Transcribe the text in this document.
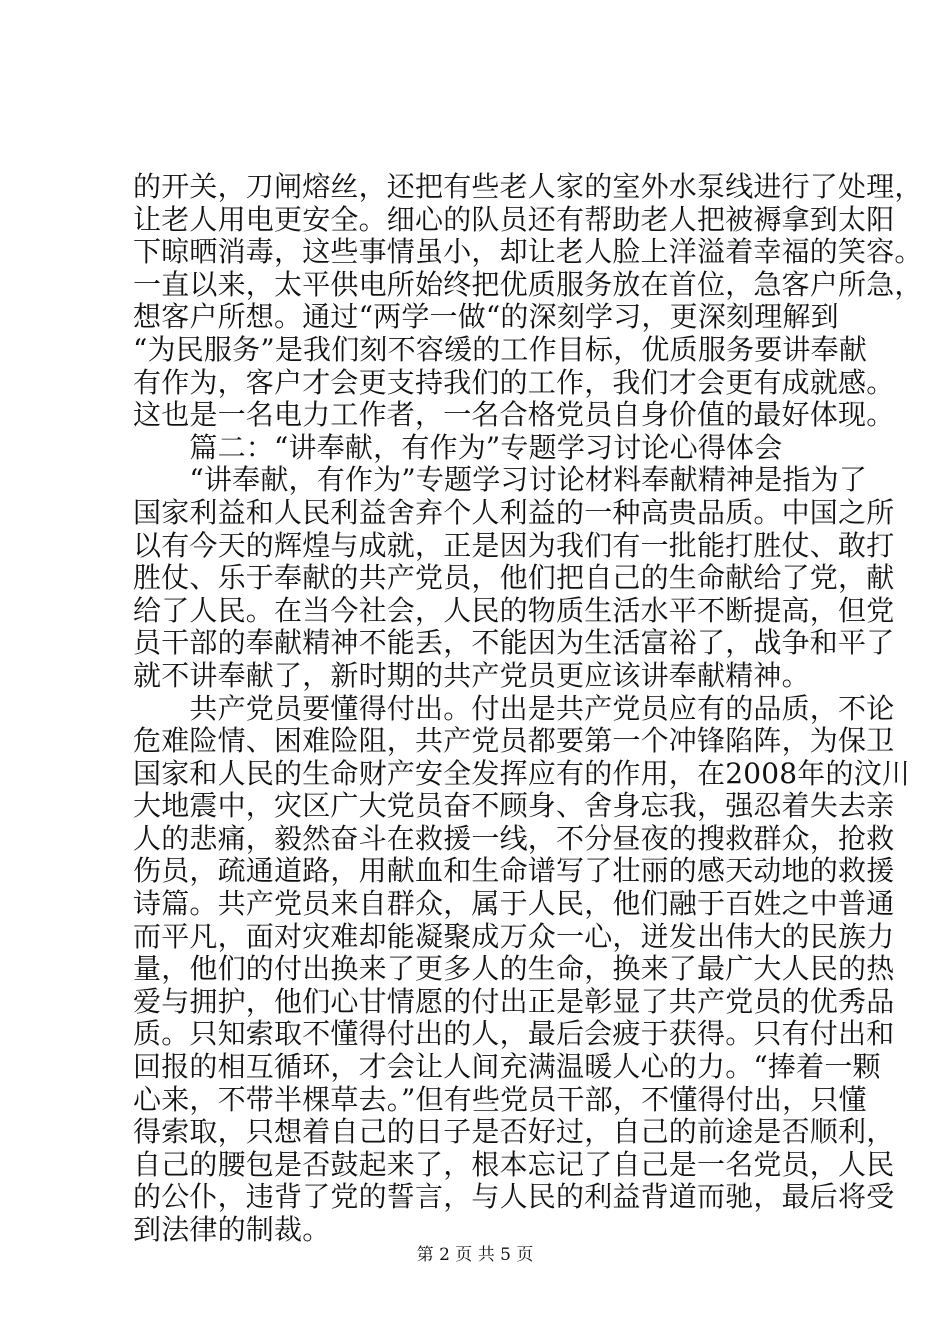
的开关，刀闸熔丝，还把有些老人家的室外水泵线进行了处理，
让老人用电更安全。细心的队员还有帮助老人把被褥拿到太阳
下晾晒消毒，这些事情虽小，却让老人脸上洋溢着幸福的笑容。
一直以来，太平供电所始终把优质服务放在首位，急客户所急，
想客户所想。通过“两学一做“的深刻学习，更深刻理解到
“为民服务”是我们刻不容缓的工作目标，优质服务要讲奉献
有作为，客户才会更支持我们的工作，我们才会更有成就感。
这也是一名电力工作者，一名合格党员自身价值的最好体现。
　　篇二：“讲奉献，有作为”专题学习讨论心得体会
　　“讲奉献，有作为”专题学习讨论材料奉献精神是指为了
国家利益和人民利益舍弃个人利益的一种高贵品质。中国之所
以有今天的辉煌与成就，正是因为我们有一批能打胜仗、敢打
胜仗、乐于奉献的共产党员，他们把自己的生命献给了党，献
给了人民。在当今社会，人民的物质生活水平不断提高，但党
员干部的奉献精神不能丢，不能因为生活富裕了，战争和平了
就不讲奉献了，新时期的共产党员更应该讲奉献精神。
　　共产党员要懂得付出。付出是共产党员应有的品质，不论
危难险情、困难险阻，共产党员都要第一个冲锋陷阵，为保卫
国家和人民的生命财产安全发挥应有的作用，在2008年的汶川
大地震中，灾区广大党员奋不顾身、舍身忘我，强忍着失去亲
人的悲痛，毅然奋斗在救援一线，不分昼夜的搜救群众，抢救
伤员，疏通道路，用献血和生命谱写了壮丽的感天动地的救援
诗篇。共产党员来自群众，属于人民，他们融于百姓之中普通
而平凡，面对灾难却能凝聚成万众一心，迸发出伟大的民族力
量，他们的付出换来了更多人的生命，换来了最广大人民的热
爱与拥护，他们心甘情愿的付出正是彰显了共产党员的优秀品
质。只知索取不懂得付出的人，最后会疲于获得。只有付出和
回报的相互循环，才会让人间充满温暖人心的力。“捧着一颗
心来，不带半棵草去。”但有些党员干部，不懂得付出，只懂
得索取，只想着自己的日子是否好过，自己的前途是否顺利，
自己的腰包是否鼓起来了，根本忘记了自己是一名党员，人民
的公仆，违背了党的誓言，与人民的利益背道而驰，最后将受
到法律的制裁。
第 2 页 共 5 页
